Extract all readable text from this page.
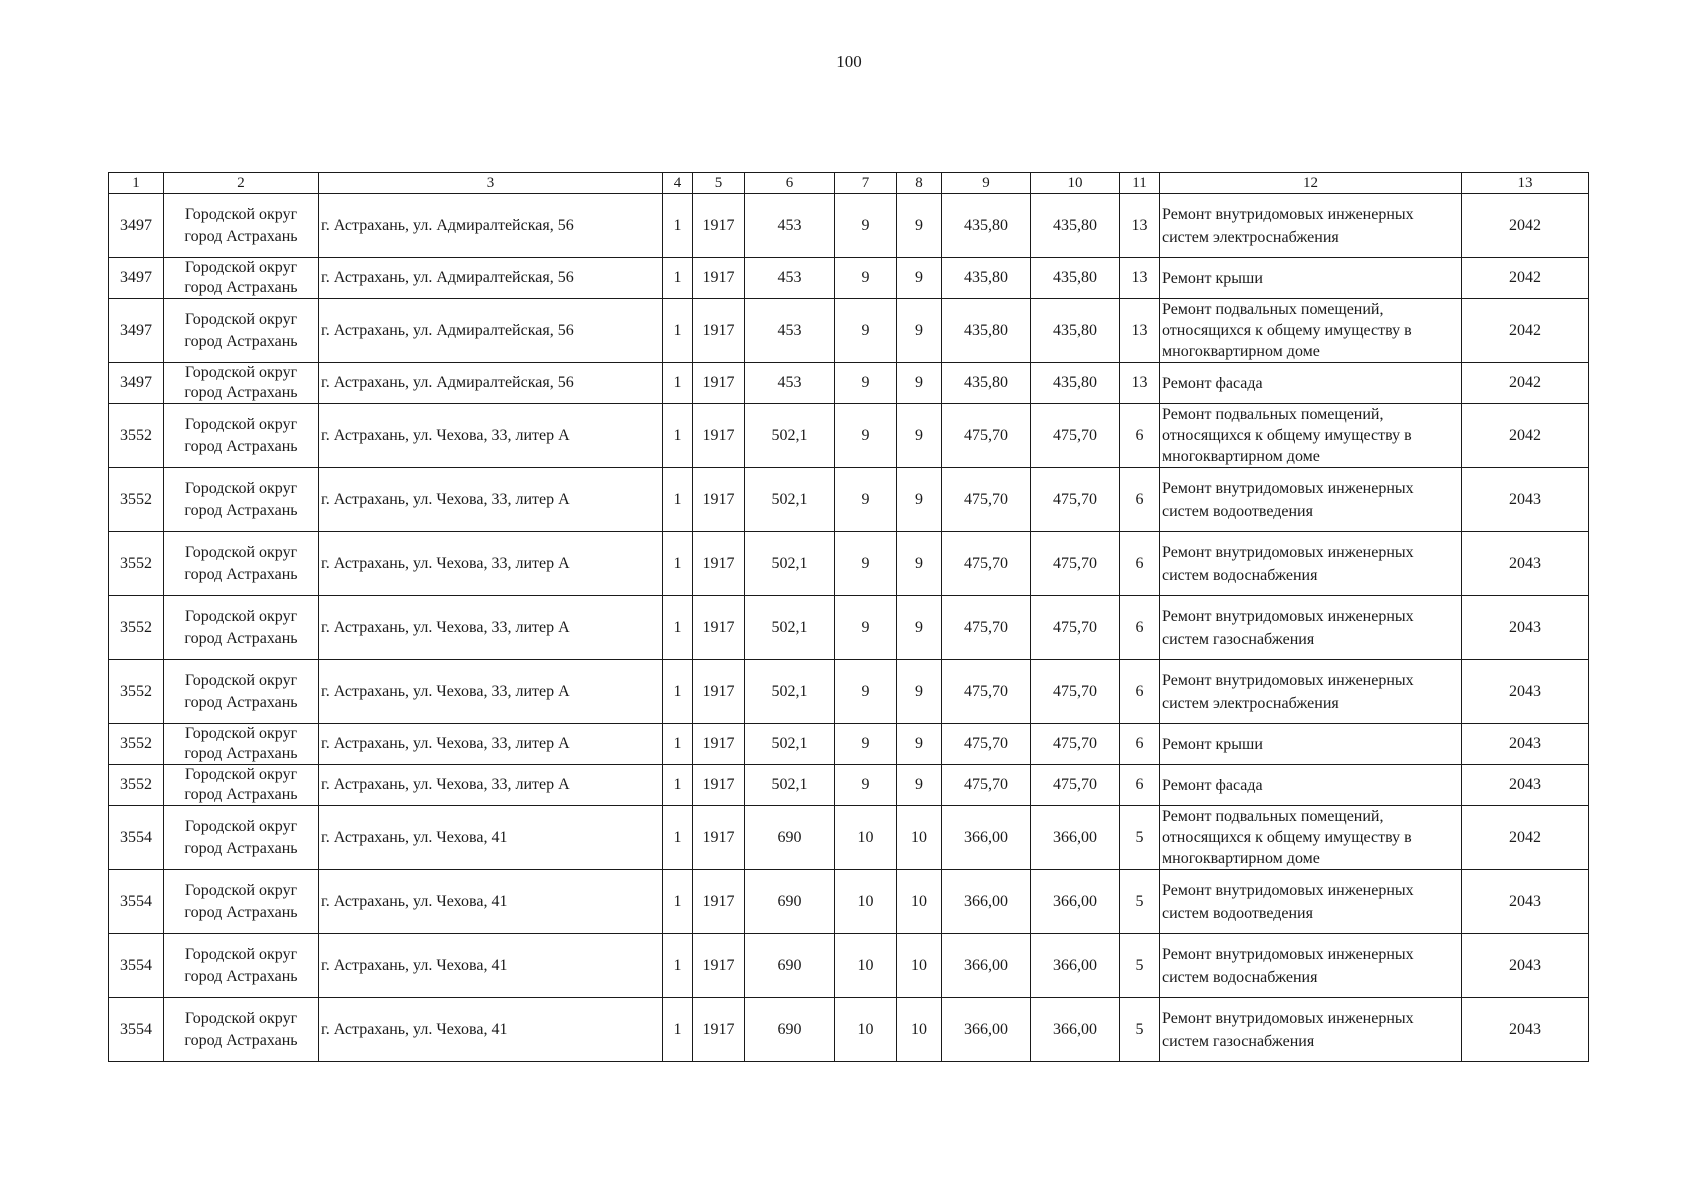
100
1	2	3	4	5	6	7	8	9	10	11	12	13
3497	Городской округ город Астрахань	г. Астрахань, ул. Адмиралтейская, 56	1	1917	453	9	9	435,80	435,80	13	Ремонт внутридомовых инженерных систем электроснабжения	2042
3497	Городской округ город Астрахань	г. Астрахань, ул. Адмиралтейская, 56	1	1917	453	9	9	435,80	435,80	13	Ремонт крыши	2042
3497	Городской округ город Астрахань	г. Астрахань, ул. Адмиралтейская, 56	1	1917	453	9	9	435,80	435,80	13	Ремонт подвальных помещений, относящихся к общему имуществу в многоквартирном доме	2042
3497	Городской округ город Астрахань	г. Астрахань, ул. Адмиралтейская, 56	1	1917	453	9	9	435,80	435,80	13	Ремонт фасада	2042
3552	Городской округ город Астрахань	г. Астрахань, ул. Чехова, 33, литер А	1	1917	502,1	9	9	475,70	475,70	6	Ремонт подвальных помещений, относящихся к общему имуществу в многоквартирном доме	2042
3552	Городской округ город Астрахань	г. Астрахань, ул. Чехова, 33, литер А	1	1917	502,1	9	9	475,70	475,70	6	Ремонт внутридомовых инженерных систем водоотведения	2043
3552	Городской округ город Астрахань	г. Астрахань, ул. Чехова, 33, литер А	1	1917	502,1	9	9	475,70	475,70	6	Ремонт внутридомовых инженерных систем водоснабжения	2043
3552	Городской округ город Астрахань	г. Астрахань, ул. Чехова, 33, литер А	1	1917	502,1	9	9	475,70	475,70	6	Ремонт внутридомовых инженерных систем газоснабжения	2043
3552	Городской округ город Астрахань	г. Астрахань, ул. Чехова, 33, литер А	1	1917	502,1	9	9	475,70	475,70	6	Ремонт внутридомовых инженерных систем электроснабжения	2043
3552	Городской округ город Астрахань	г. Астрахань, ул. Чехова, 33, литер А	1	1917	502,1	9	9	475,70	475,70	6	Ремонт крыши	2043
3552	Городской округ город Астрахань	г. Астрахань, ул. Чехова, 33, литер А	1	1917	502,1	9	9	475,70	475,70	6	Ремонт фасада	2043
3554	Городской округ город Астрахань	г. Астрахань, ул. Чехова, 41	1	1917	690	10	10	366,00	366,00	5	Ремонт подвальных помещений, относящихся к общему имуществу в многоквартирном доме	2042
3554	Городской округ город Астрахань	г. Астрахань, ул. Чехова, 41	1	1917	690	10	10	366,00	366,00	5	Ремонт внутридомовых инженерных систем водоотведения	2043
3554	Городской округ город Астрахань	г. Астрахань, ул. Чехова, 41	1	1917	690	10	10	366,00	366,00	5	Ремонт внутридомовых инженерных систем водоснабжения	2043
3554	Городской округ город Астрахань	г. Астрахань, ул. Чехова, 41	1	1917	690	10	10	366,00	366,00	5	Ремонт внутридомовых инженерных систем газоснабжения	2043
